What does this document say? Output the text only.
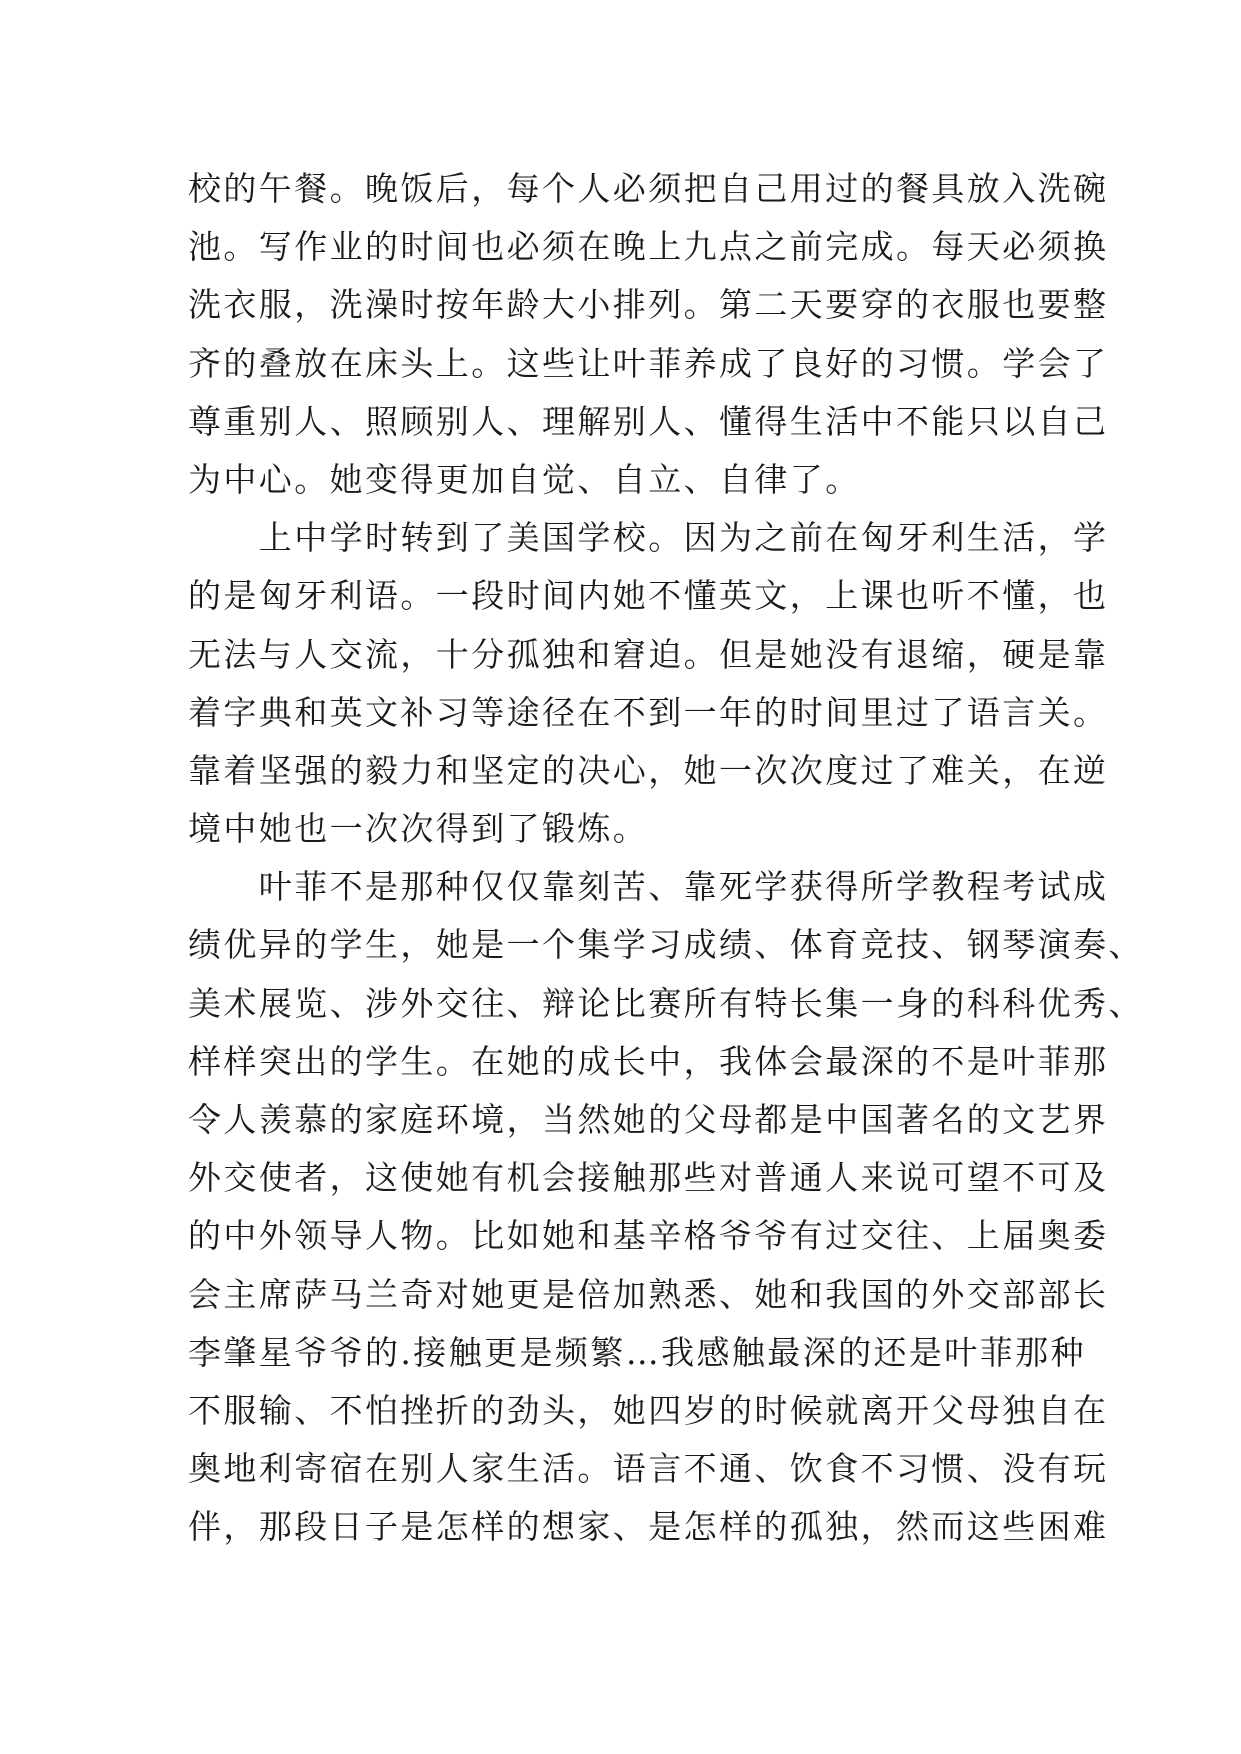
校的午餐。晚饭后，每个人必须把自己用过的餐具放入洗碗
池。写作业的时间也必须在晚上九点之前完成。每天必须换
洗衣服，洗澡时按年龄大小排列。第二天要穿的衣服也要整
齐的叠放在床头上。这些让叶菲养成了良好的习惯。学会了
尊重别人、照顾别人、理解别人、懂得生活中不能只以自己
为中心。她变得更加自觉、自立、自律了。
　　上中学时转到了美国学校。因为之前在匈牙利生活，学
的是匈牙利语。一段时间内她不懂英文，上课也听不懂，也
无法与人交流，十分孤独和窘迫。但是她没有退缩，硬是靠
着字典和英文补习等途径在不到一年的时间里过了语言关。
靠着坚强的毅力和坚定的决心，她一次次度过了难关，在逆
境中她也一次次得到了锻炼。
　　叶菲不是那种仅仅靠刻苦、靠死学获得所学教程考试成
绩优异的学生，她是一个集学习成绩、体育竞技、钢琴演奏、
美术展览、涉外交往、辩论比赛所有特长集一身的科科优秀、
样样突出的学生。在她的成长中，我体会最深的不是叶菲那
令人羡慕的家庭环境，当然她的父母都是中国著名的文艺界
外交使者，这使她有机会接触那些对普通人来说可望不可及
的中外领导人物。比如她和基辛格爷爷有过交往、上届奥委
会主席萨马兰奇对她更是倍加熟悉、她和我国的外交部部长
李肇星爷爷的.接触更是频繁…我感触最深的还是叶菲那种
不服输、不怕挫折的劲头，她四岁的时候就离开父母独自在
奥地利寄宿在别人家生活。语言不通、饮食不习惯、没有玩
伴，那段日子是怎样的想家、是怎样的孤独，然而这些困难
